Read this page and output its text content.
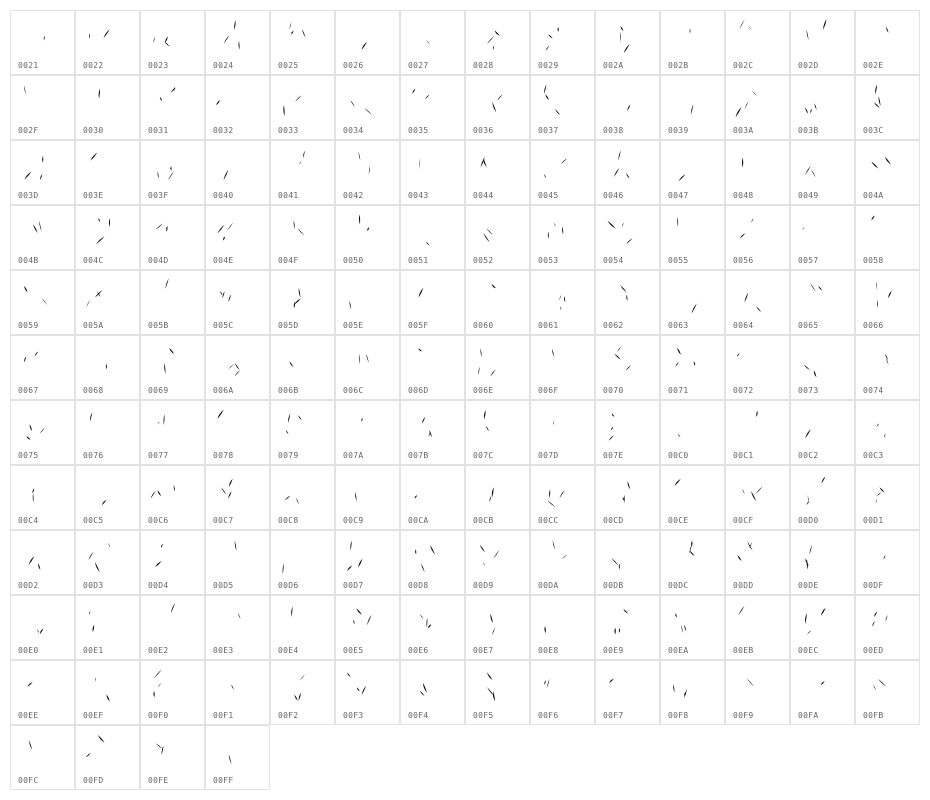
0021	0022	0023	0024	0025	0026	0027	0028	0029	002A	002B	002C	002D	002E
002F	0030	0031	0032	0033	0034	0035	0036	0037	0038	0039	003A	003B	003C
003D	003E	003F	0040	0041	0042	0043	0044	0045	0046	0047	0048	0049	004A
004B	004C	004D	004E	004F	0050	0051	0052	0053	0054	0055	0056	0057	0058
0059	005A	005B	005C	005D	005E	005F	0060	0061	0062	0063	0064	0065	0066
0067	0068	0069	006A	006B	006C	006D	006E	006F	0070	0071	0072	0073	0074
0075	0076	0077	0078	0079	007A	007B	007C	007D	007E	00C0	00C1	00C2	00C3
00C4	00C5	00C6	00C7	00C8	00C9	00CA	00CB	00CC	00CD	00CE	00CF	00D0	00D1
00D2	00D3	00D4	00D5	00D6	00D7	00D8	00D9	00DA	00DB	00DC	00DD	00DE	00DF
00E0	00E1	00E2	00E3	00E4	00E5	00E6	00E7	00E8	00E9	00EA	00EB	00EC	00ED
00EE	00EF	00F0	00F1	00F2	00F3	00F4	00F5	00F6	00F7	00F8	00F9	00FA	00FB
00FC	00FD	00FE	00FF
